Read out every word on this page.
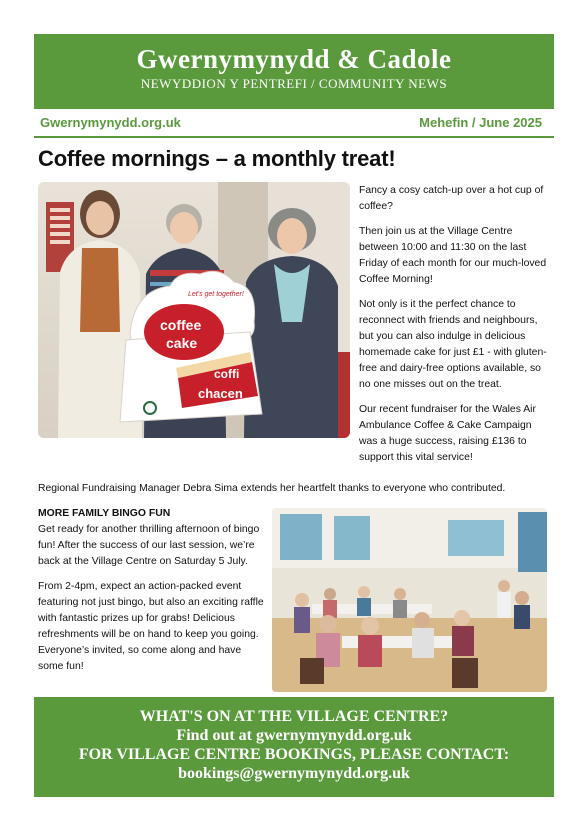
Gwernymynydd & Cadole
NEWYDDION Y PENTREFI / COMMUNITY NEWS
Gwernymynydd.org.uk	Mehefin / June 2025
Coffee mornings – a monthly treat!
coffee
cake
coffi
chacen
Let's get together!

Fancy a cosy catch-up over a hot cup of coffee?

Then join us at the Village Centre between 10:00 and 11:30 on the last Friday of each month for our much-loved Coffee Morning!

Not only is it the perfect chance to reconnect with friends and neighbours, but you can also indulge in delicious homemade cake for just £1 - with gluten-free and dairy-free options available, so no one misses out on the treat.

Our recent fundraiser for the Wales Air Ambulance Coffee & Cake Campaign was a huge success, raising £136 to support this vital service!

Regional Fundraising Manager Debra Sima extends her heartfelt thanks to everyone who contributed.
MORE FAMILY BINGO FUN

Get ready for another thrilling afternoon of bingo fun! After the success of our last session, we’re back at the Village Centre on Saturday 5 July.

From 2-4pm, expect an action-packed event featuring not just bingo, but also an exciting raffle with fantastic prizes up for grabs! Delicious refreshments will be on hand to keep you going. Everyone’s invited, so come along and have some fun!

WHAT'S ON AT THE VILLAGE CENTRE?
Find out at gwernymynydd.org.uk
FOR VILLAGE CENTRE BOOKINGS, PLEASE CONTACT:
bookings@gwernymynydd.org.uk
